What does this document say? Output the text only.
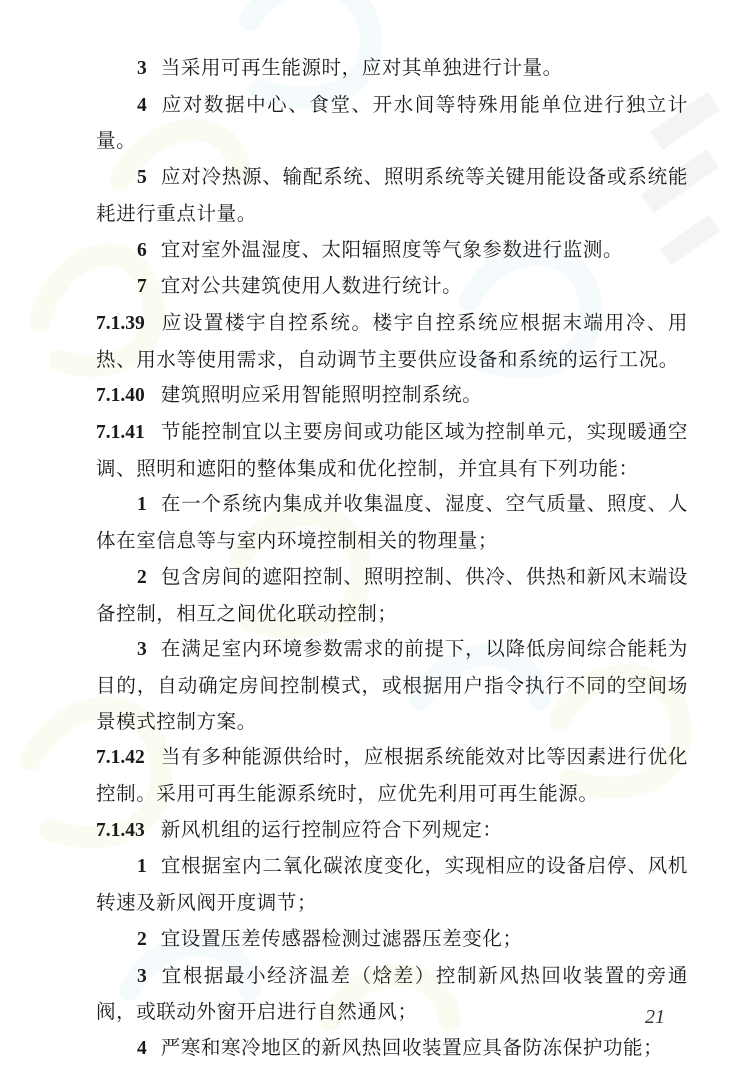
3 当采用可再生能源时，应对其单独进行计量。

4 应对数据中心、食堂、开水间等特殊用能单位进行独立计量。

5 应对冷热源、输配系统、照明系统等关键用能设备或系统能耗进行重点计量。

6 宜对室外温湿度、太阳辐照度等气象参数进行监测。

7 宜对公共建筑使用人数进行统计。

7.1.39 应设置楼宇自控系统。楼宇自控系统应根据末端用冷、用热、用水等使用需求，自动调节主要供应设备和系统的运行工况。

7.1.40 建筑照明应采用智能照明控制系统。

7.1.41 节能控制宜以主要房间或功能区域为控制单元，实现暖通空调、照明和遮阳的整体集成和优化控制，并宜具有下列功能：

1 在一个系统内集成并收集温度、湿度、空气质量、照度、人体在室信息等与室内环境控制相关的物理量；

2 包含房间的遮阳控制、照明控制、供冷、供热和新风末端设备控制，相互之间优化联动控制；

3 在满足室内环境参数需求的前提下，以降低房间综合能耗为目的，自动确定房间控制模式，或根据用户指令执行不同的空间场景模式控制方案。

7.1.42 当有多种能源供给时，应根据系统能效对比等因素进行优化控制。采用可再生能源系统时，应优先利用可再生能源。

7.1.43 新风机组的运行控制应符合下列规定：

1 宜根据室内二氧化碳浓度变化，实现相应的设备启停、风机转速及新风阀开度调节；

2 宜设置压差传感器检测过滤器压差变化；

3 宜根据最小经济温差（焓差）控制新风热回收装置的旁通阀，或联动外窗开启进行自然通风；

4 严寒和寒冷地区的新风热回收装置应具备防冻保护功能；

21
